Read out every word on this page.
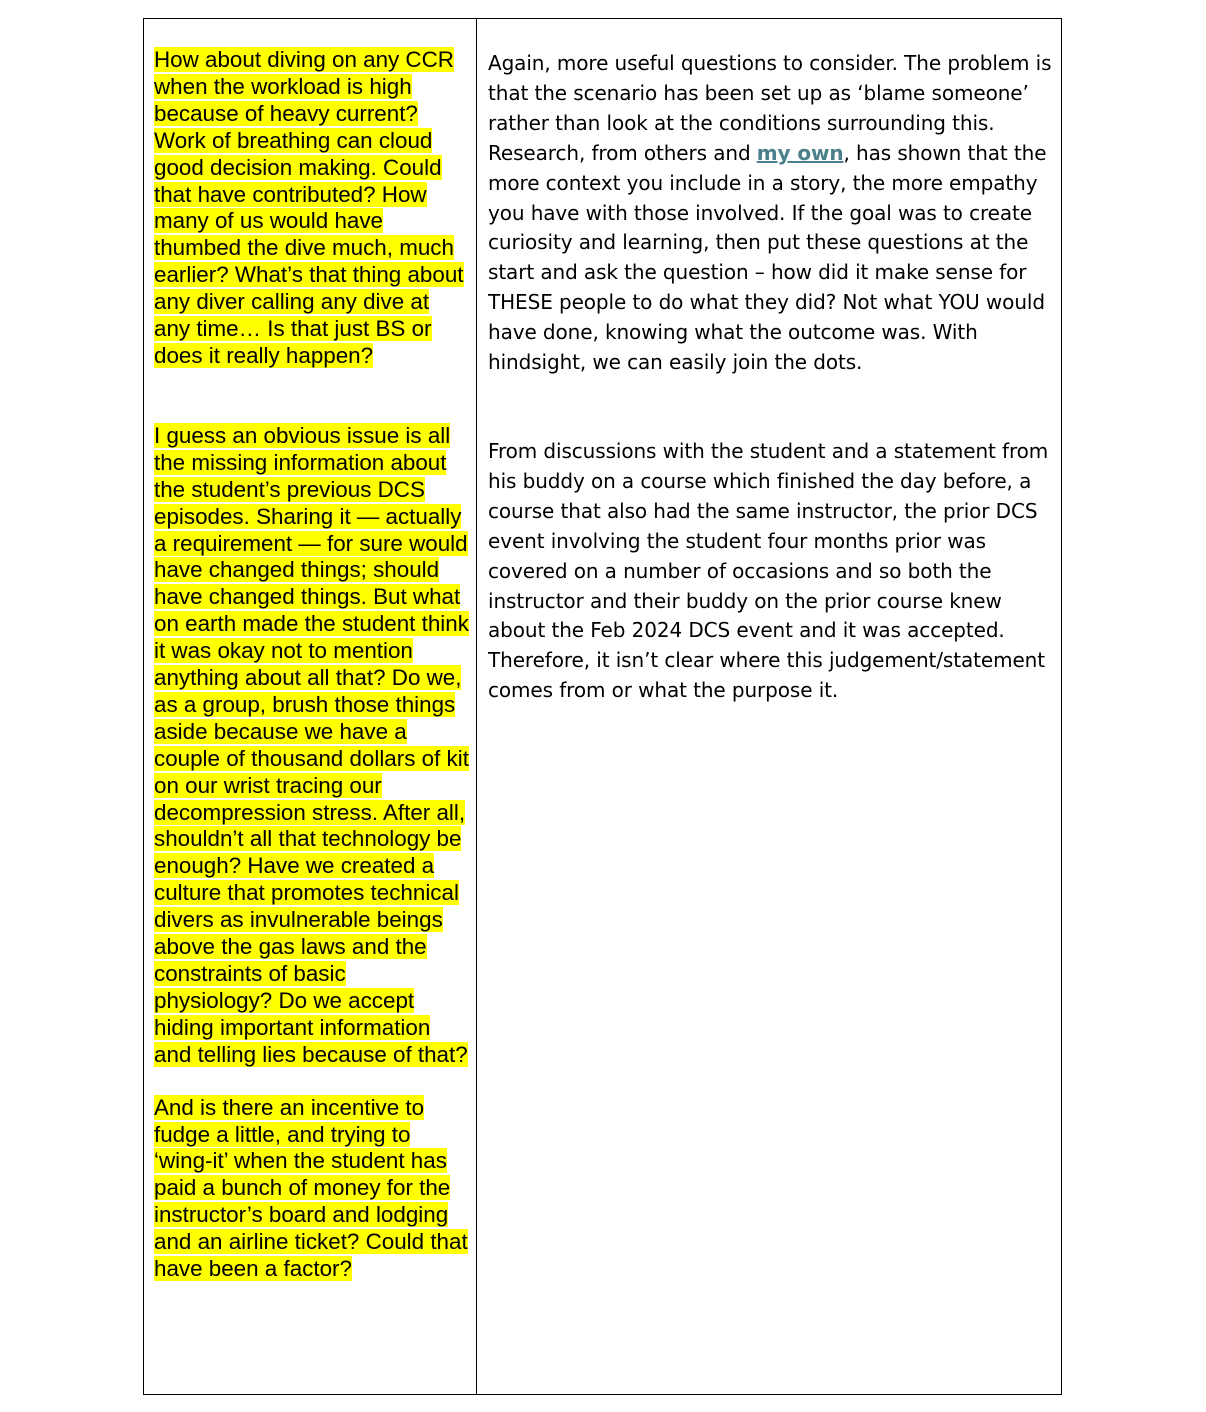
How about diving on any CCR when the workload is high because of heavy current? Work of breathing can cloud good decision making. Could that have contributed? How many of us would have thumbed the dive much, much earlier? What’s that thing about any diver calling any dive at any time… Is that just BS or does it really happen?

I guess an obvious issue is all the missing information about the student’s previous DCS episodes. Sharing it — actually a requirement — for sure would have changed things; should have changed things. But what on earth made the student think it was okay not to mention anything about all that? Do we, as a group, brush those things aside because we have a couple of thousand dollars of kit on our wrist tracing our decompression stress. After all, shouldn’t all that technology be enough? Have we created a culture that promotes technical divers as invulnerable beings above the gas laws and the constraints of basic physiology? Do we accept hiding important information and telling lies because of that?

And is there an incentive to fudge a little, and trying to ‘wing-it’ when the student has paid a bunch of money for the instructor’s board and lodging and an airline ticket? Could that have been a factor?

Again, more useful questions to consider. The problem is that the scenario has been set up as ‘blame someone’ rather than look at the conditions surrounding this. Research, from others and my own, has shown that the more context you include in a story, the more empathy you have with those involved. If the goal was to create curiosity and learning, then put these questions at the start and ask the question – how did it make sense for THESE people to do what they did? Not what YOU would have done, knowing what the outcome was. With hindsight, we can easily join the dots.

From discussions with the student and a statement from his buddy on a course which finished the day before, a course that also had the same instructor, the prior DCS event involving the student four months prior was covered on a number of occasions and so both the instructor and their buddy on the prior course knew about the Feb 2024 DCS event and it was accepted. Therefore, it isn’t clear where this judgement/statement comes from or what the purpose it.
